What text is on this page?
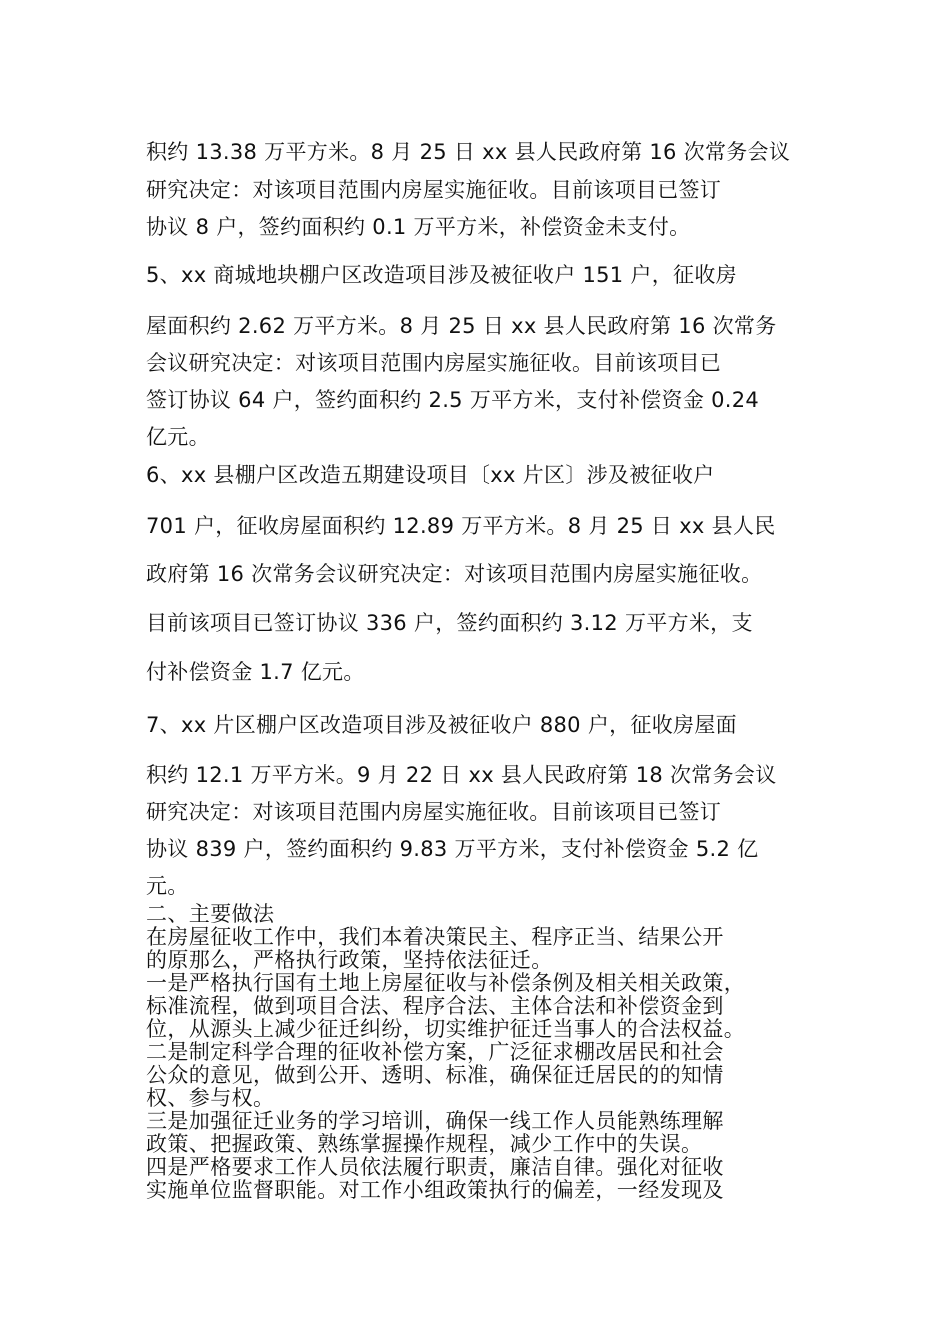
积约 13.38 万平方米。8 月 25 日 xx 县人民政府第 16 次常务会议

研究决定：对该项目范围内房屋实施征收。目前该项目已签订

协议 8 户，签约面积约 0.1 万平方米，补偿资金未支付。

5、xx 商城地块棚户区改造项目涉及被征收户 151 户，征收房

屋面积约 2.62 万平方米。8 月 25 日 xx 县人民政府第 16 次常务

会议研究决定：对该项目范围内房屋实施征收。目前该项目已

签订协议 64 户，签约面积约 2.5 万平方米，支付补偿资金 0.24

亿元。

6、xx 县棚户区改造五期建设项目〔xx 片区〕涉及被征收户

701 户，征收房屋面积约 12.89 万平方米。8 月 25 日 xx 县人民

政府第 16 次常务会议研究决定：对该项目范围内房屋实施征收。

目前该项目已签订协议 336 户，签约面积约 3.12 万平方米，支

付补偿资金 1.7 亿元。

7、xx 片区棚户区改造项目涉及被征收户 880 户，征收房屋面

积约 12.1 万平方米。9 月 22 日 xx 县人民政府第 18 次常务会议

研究决定：对该项目范围内房屋实施征收。目前该项目已签订

协议 839 户，签约面积约 9.83 万平方米，支付补偿资金 5.2 亿

元。

二、主要做法

在房屋征收工作中，我们本着决策民主、程序正当、结果公开

的原那么，严格执行政策，坚持依法征迁。

一是严格执行国有土地上房屋征收与补偿条例及相关相关政策，

标准流程，做到项目合法、程序合法、主体合法和补偿资金到

位，从源头上减少征迁纠纷，切实维护征迁当事人的合法权益。

二是制定科学合理的征收补偿方案，广泛征求棚改居民和社会

公众的意见，做到公开、透明、标准，确保征迁居民的的知情

权、参与权。

三是加强征迁业务的学习培训，确保一线工作人员能熟练理解

政策、把握政策、熟练掌握操作规程，减少工作中的失误。

四是严格要求工作人员依法履行职责，廉洁自律。强化对征收

实施单位监督职能。对工作小组政策执行的偏差，一经发现及
